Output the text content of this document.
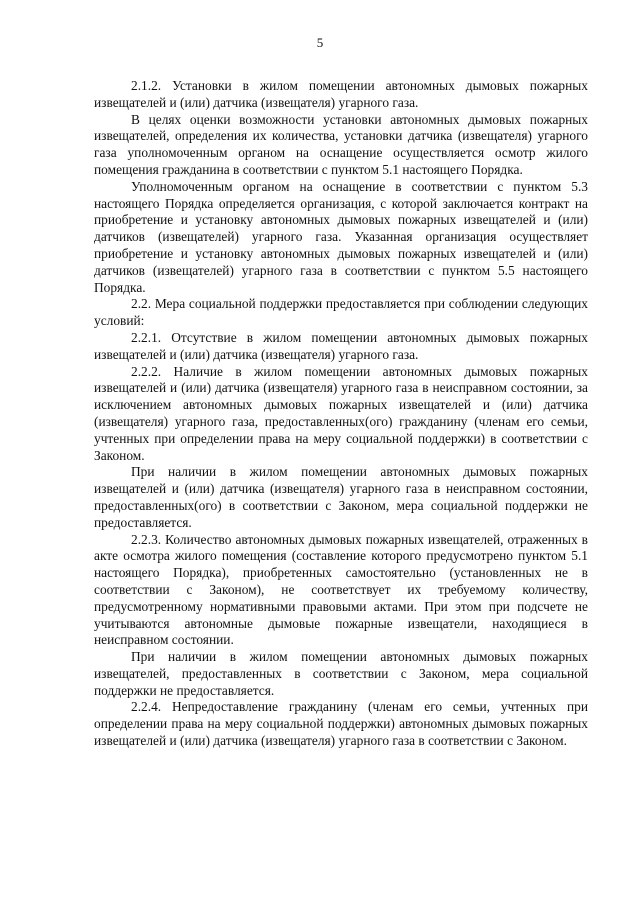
5

2.1.2. Установки в жилом помещении автономных дымовых пожарных извещателей и (или) датчика (извещателя) угарного газа.

В целях оценки возможности установки автономных дымовых пожарных извещателей, определения их количества, установки датчика (извещателя) угарного газа уполномоченным органом на оснащение осуществляется осмотр жилого помещения гражданина в соответствии с пунктом 5.1 настоящего Порядка.

Уполномоченным органом на оснащение в соответствии с пунктом 5.3 настоящего Порядка определяется организация, с которой заключается контракт на приобретение и установку автономных дымовых пожарных извещателей и (или) датчиков (извещателей) угарного газа. Указанная организация осуществляет приобретение и установку автономных дымовых пожарных извещателей и (или) датчиков (извещателей) угарного газа в соответствии с пунктом 5.5 настоящего Порядка.

2.2. Мера социальной поддержки предоставляется при соблюдении следующих условий:

2.2.1. Отсутствие в жилом помещении автономных дымовых пожарных извещателей и (или) датчика (извещателя) угарного газа.

2.2.2. Наличие в жилом помещении автономных дымовых пожарных извещателей и (или) датчика (извещателя) угарного газа в неисправном состоянии, за исключением автономных дымовых пожарных извещателей и (или) датчика (извещателя) угарного газа, предоставленных(ого) гражданину (членам его семьи, учтенных при определении права на меру социальной поддержки) в соответствии с Законом.

При наличии в жилом помещении автономных дымовых пожарных извещателей и (или) датчика (извещателя) угарного газа в неисправном состоянии, предоставленных(ого) в соответствии с Законом, мера социальной поддержки не предоставляется.

2.2.3. Количество автономных дымовых пожарных извещателей, отраженных в акте осмотра жилого помещения (составление которого предусмотрено пунктом 5.1 настоящего Порядка), приобретенных самостоятельно (установленных не в соответствии с Законом), не соответствует их требуемому количеству, предусмотренному нормативными правовыми актами. При этом при подсчете не учитываются автономные дымовые пожарные извещатели, находящиеся в неисправном состоянии.

При наличии в жилом помещении автономных дымовых пожарных извещателей, предоставленных в соответствии с Законом, мера социальной поддержки не предоставляется.

2.2.4. Непредоставление гражданину (членам его семьи, учтенных при определении права на меру социальной поддержки) автономных дымовых пожарных извещателей и (или) датчика (извещателя) угарного газа в соответствии с Законом.
